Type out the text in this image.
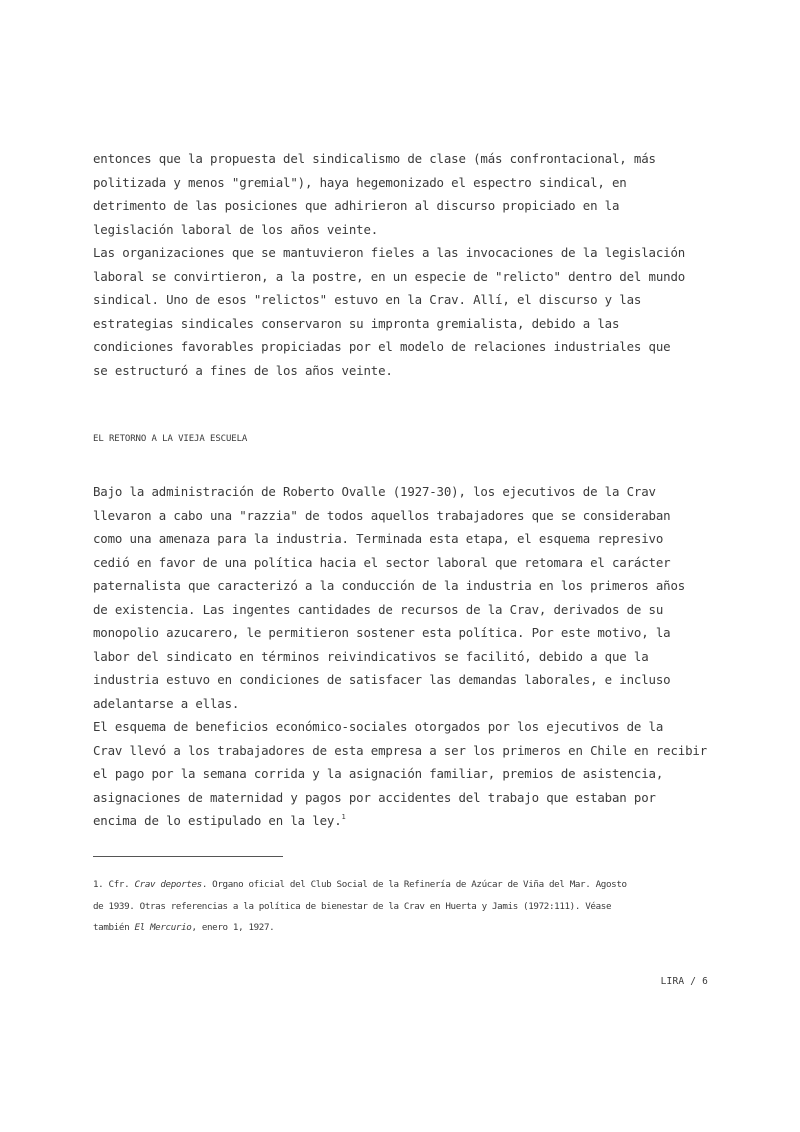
entonces que la propuesta del sindicalismo de clase (más confrontacional, más
politizada y menos "gremial"), haya hegemonizado el espectro sindical, en
detrimento de las posiciones que adhirieron al discurso propiciado en la
legislación laboral de los años veinte.
Las organizaciones que se mantuvieron fieles a las invocaciones de la legislación
laboral se convirtieron, a la postre, en un especie de "relicto" dentro del mundo
sindical. Uno de esos "relictos" estuvo en la Crav. Allí, el discurso y las
estrategias sindicales conservaron su impronta gremialista, debido a las
condiciones favorables propiciadas por el modelo de relaciones industriales que
se estructuró a fines de los años veinte.
EL RETORNO A LA VIEJA ESCUELA
Bajo la administración de Roberto Ovalle (1927-30), los ejecutivos de la Crav
llevaron a cabo una "razzia" de todos aquellos trabajadores que se consideraban
como una amenaza para la industria. Terminada esta etapa, el esquema represivo
cedió en favor de una política hacia el sector laboral que retomara el carácter
paternalista que caracterizó a la conducción de la industria en los primeros años
de existencia. Las ingentes cantidades de recursos de la Crav, derivados de su
monopolio azucarero, le permitieron sostener esta política. Por este motivo, la
labor del sindicato en términos reivindicativos se facilitó, debido a que la
industria estuvo en condiciones de satisfacer las demandas laborales, e incluso
adelantarse a ellas.
El esquema de beneficios económico-sociales otorgados por los ejecutivos de la
Crav llevó a los trabajadores de esta empresa a ser los primeros en Chile en recibir
el pago por la semana corrida y la asignación familiar, premios de asistencia,
asignaciones de maternidad y pagos por accidentes del trabajo que estaban por
encima de lo estipulado en la ley.$^1$
1. Cfr. Crav deportes. Organo oficial del Club Social de la Refinería de Azúcar de Viña del Mar. Agosto
de 1939. Otras referencias a la política de bienestar de la Crav en Huerta y Jamis (1972:111). Véase
también El Mercurio, enero 1, 1927.
LIRA / 6
